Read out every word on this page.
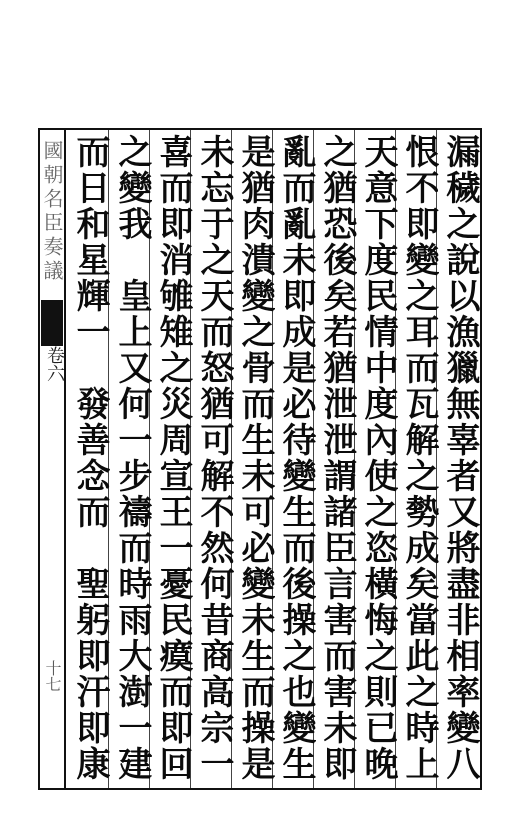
國朝名臣奏議
卷六
十七
漏穢之說以漁獵無辜者又將盡非相率變八
恨不即變之耳而瓦解之勢成矣當此之時上
天意下度民情中度內使之恣橫悔之則已晚
之猶恐後矣若猶泄泄謂諸臣言害而害未即
亂而亂未即成是必待變生而後操之也變生
是猶肉潰變之骨而生未可必變未生而操是
未忘于之天而怒猶可解不然何昔商高宗一
喜而即消雊雉之災周宣王一憂民瘼而即回
之變我　皇上又何一步禱而時雨大澍一建
而日和星輝一　發善念而　聖躬即汗即康
